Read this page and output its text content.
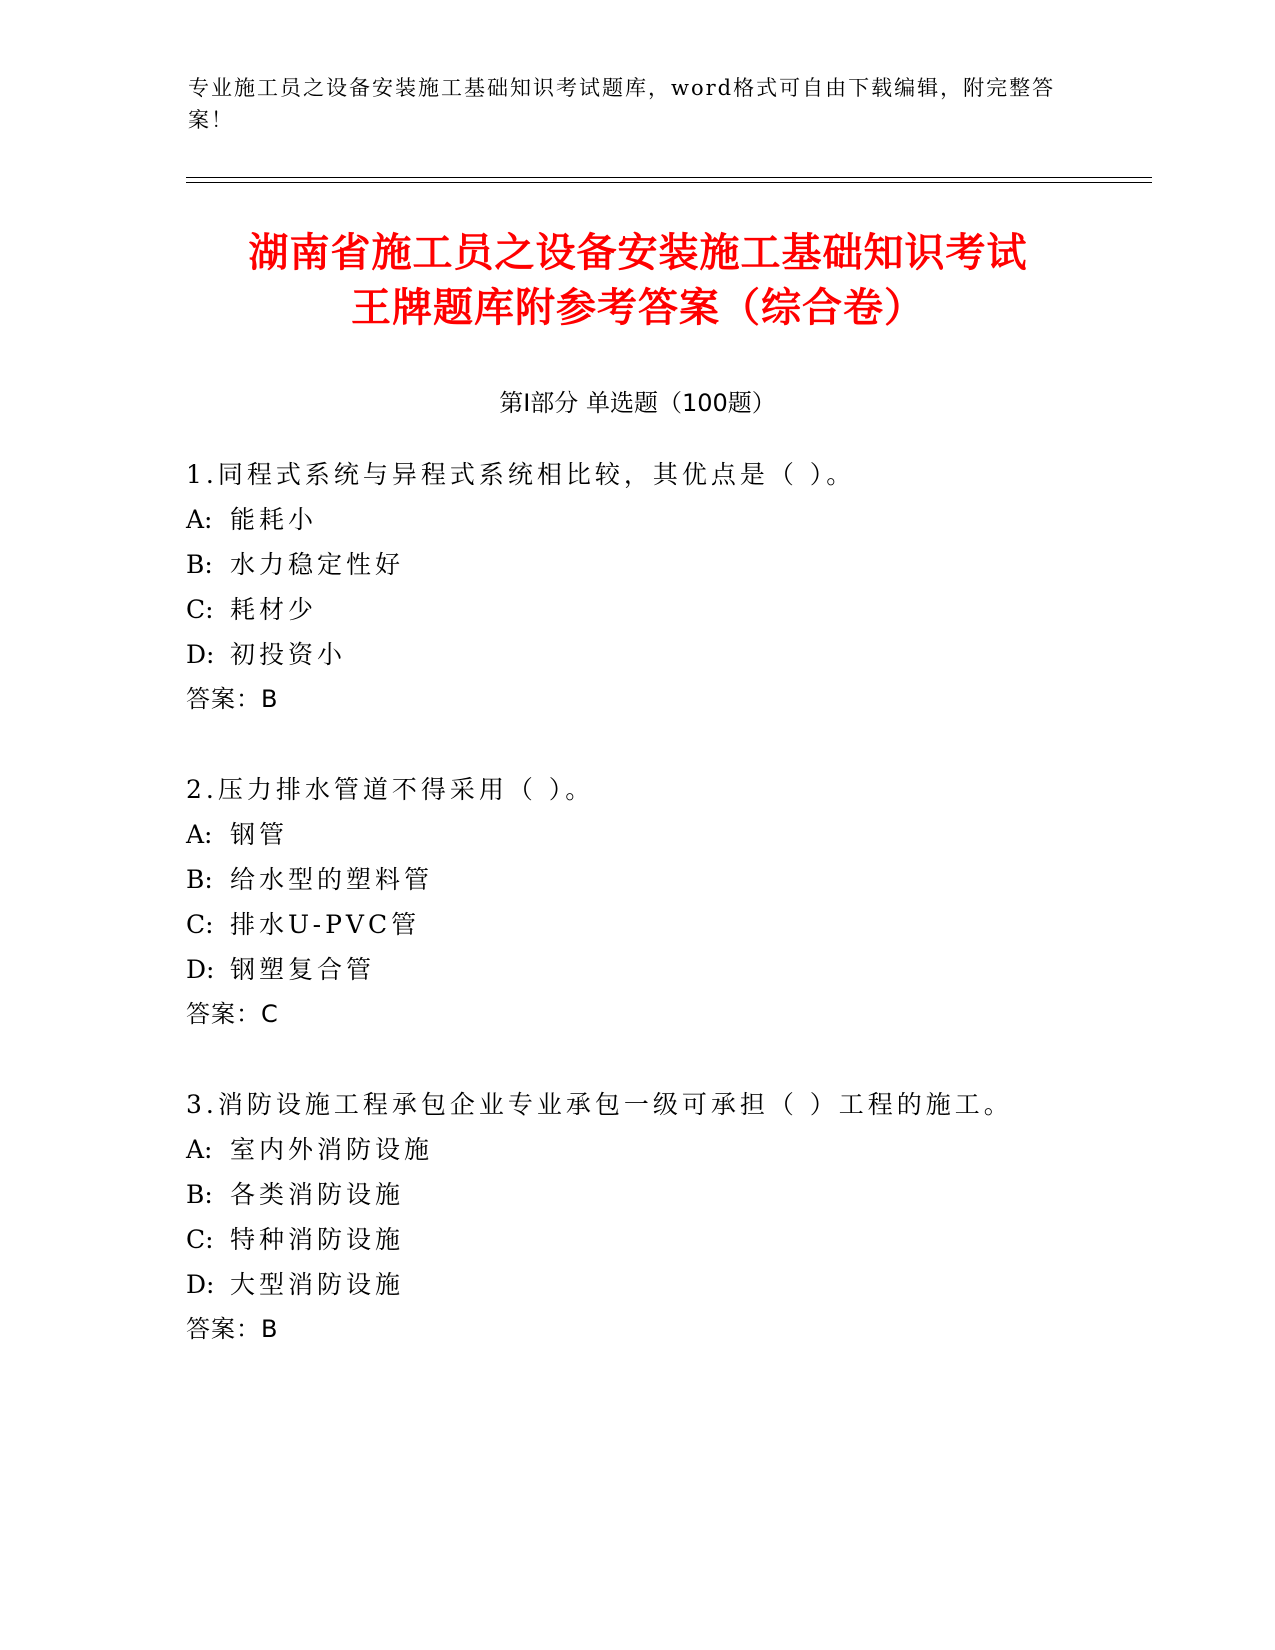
专业施工员之设备安装施工基础知识考试题库，word格式可自由下载编辑，附完整答案！
湖南省施工员之设备安装施工基础知识考试
王牌题库附参考答案（综合卷）
第Ⅰ部分 单选题（100题）
1.同程式系统与异程式系统相比较，其优点是（ ）。
A: 能耗小
B: 水力稳定性好
C: 耗材少
D: 初投资小
答案：B
2.压力排水管道不得采用（ ）。
A: 钢管
B: 给水型的塑料管
C: 排水U-PVC管
D: 钢塑复合管
答案：C
3.消防设施工程承包企业专业承包一级可承担（ ）工程的施工。
A: 室内外消防设施
B: 各类消防设施
C: 特种消防设施
D: 大型消防设施
答案：B
